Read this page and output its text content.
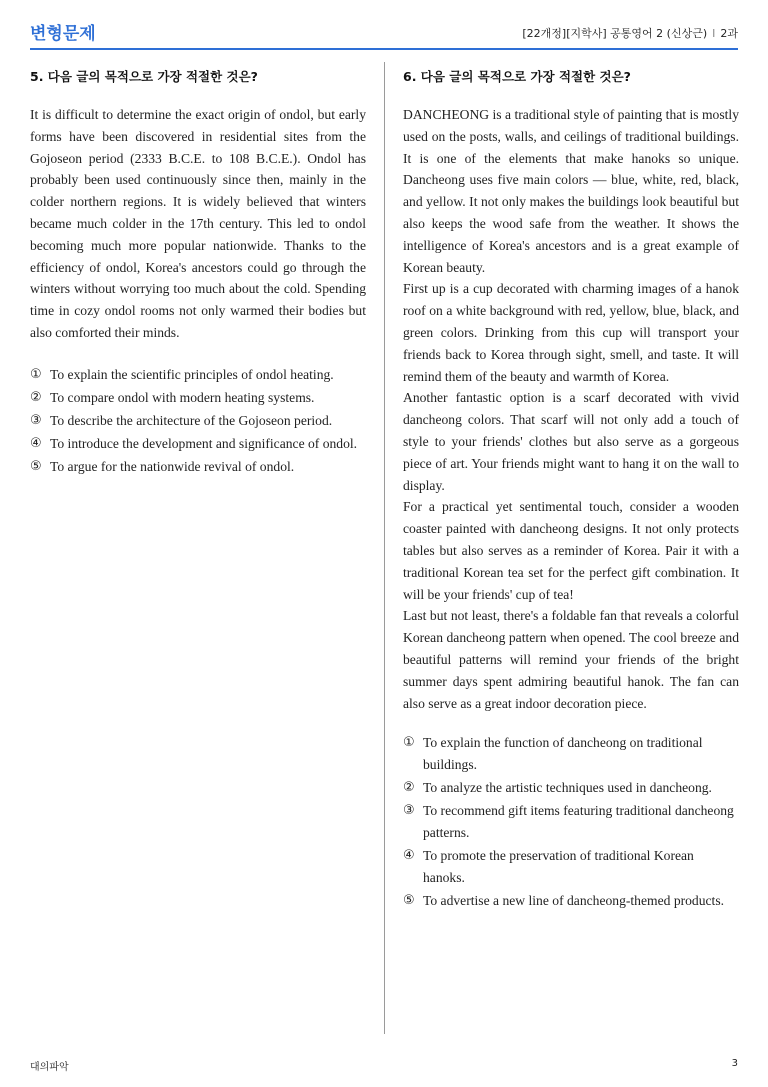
변형문제	[22개정][지학사] 공통영어 2 (신상근) I 2과
5. 다음 글의 목적으로 가장 적절한 것은?

It is difficult to determine the exact origin of ondol, but early forms have been discovered in residential sites from the Gojoseon period (2333 B.C.E. to 108 B.C.E.). Ondol has probably been used continuously since then, mainly in the colder northern regions. It is widely believed that winters became much colder in the 17th century. This led to ondol becoming much more popular nationwide. Thanks to the efficiency of ondol, Korea's ancestors could go through the winters without worrying too much about the cold. Spending time in cozy ondol rooms not only warmed their bodies but also comforted their minds.

① To explain the scientific principles of ondol heating.
② To compare ondol with modern heating systems.
③ To describe the architecture of the Gojoseon period.
④ To introduce the development and significance of ondol.
⑤ To argue for the nationwide revival of ondol.
6. 다음 글의 목적으로 가장 적절한 것은?

DANCHEONG is a traditional style of painting that is mostly used on the posts, walls, and ceilings of traditional buildings. It is one of the elements that make hanoks so unique. Dancheong uses five main colors — blue, white, red, black, and yellow. It not only makes the buildings look beautiful but also keeps the wood safe from the weather. It shows the intelligence of Korea's ancestors and is a great example of Korean beauty.

First up is a cup decorated with charming images of a hanok roof on a white background with red, yellow, blue, black, and green colors. Drinking from this cup will transport your friends back to Korea through sight, smell, and taste. It will remind them of the beauty and warmth of Korea.

Another fantastic option is a scarf decorated with vivid dancheong colors. That scarf will not only add a touch of style to your friends' clothes but also serve as a gorgeous piece of art. Your friends might want to hang it on the wall to display.

For a practical yet sentimental touch, consider a wooden coaster painted with dancheong designs. It not only protects tables but also serves as a reminder of Korea. Pair it with a traditional Korean tea set for the perfect gift combination. It will be your friends' cup of tea!

Last but not least, there's a foldable fan that reveals a colorful Korean dancheong pattern when opened. The cool breeze and beautiful patterns will remind your friends of the bright summer days spent admiring beautiful hanok. The fan can also serve as a great indoor decoration piece.

① To explain the function of dancheong on traditional buildings.
② To analyze the artistic techniques used in dancheong.
③ To recommend gift items featuring traditional dancheong patterns.
④ To promote the preservation of traditional Korean hanoks.
⑤ To advertise a new line of dancheong-themed products.
대의파악	3
